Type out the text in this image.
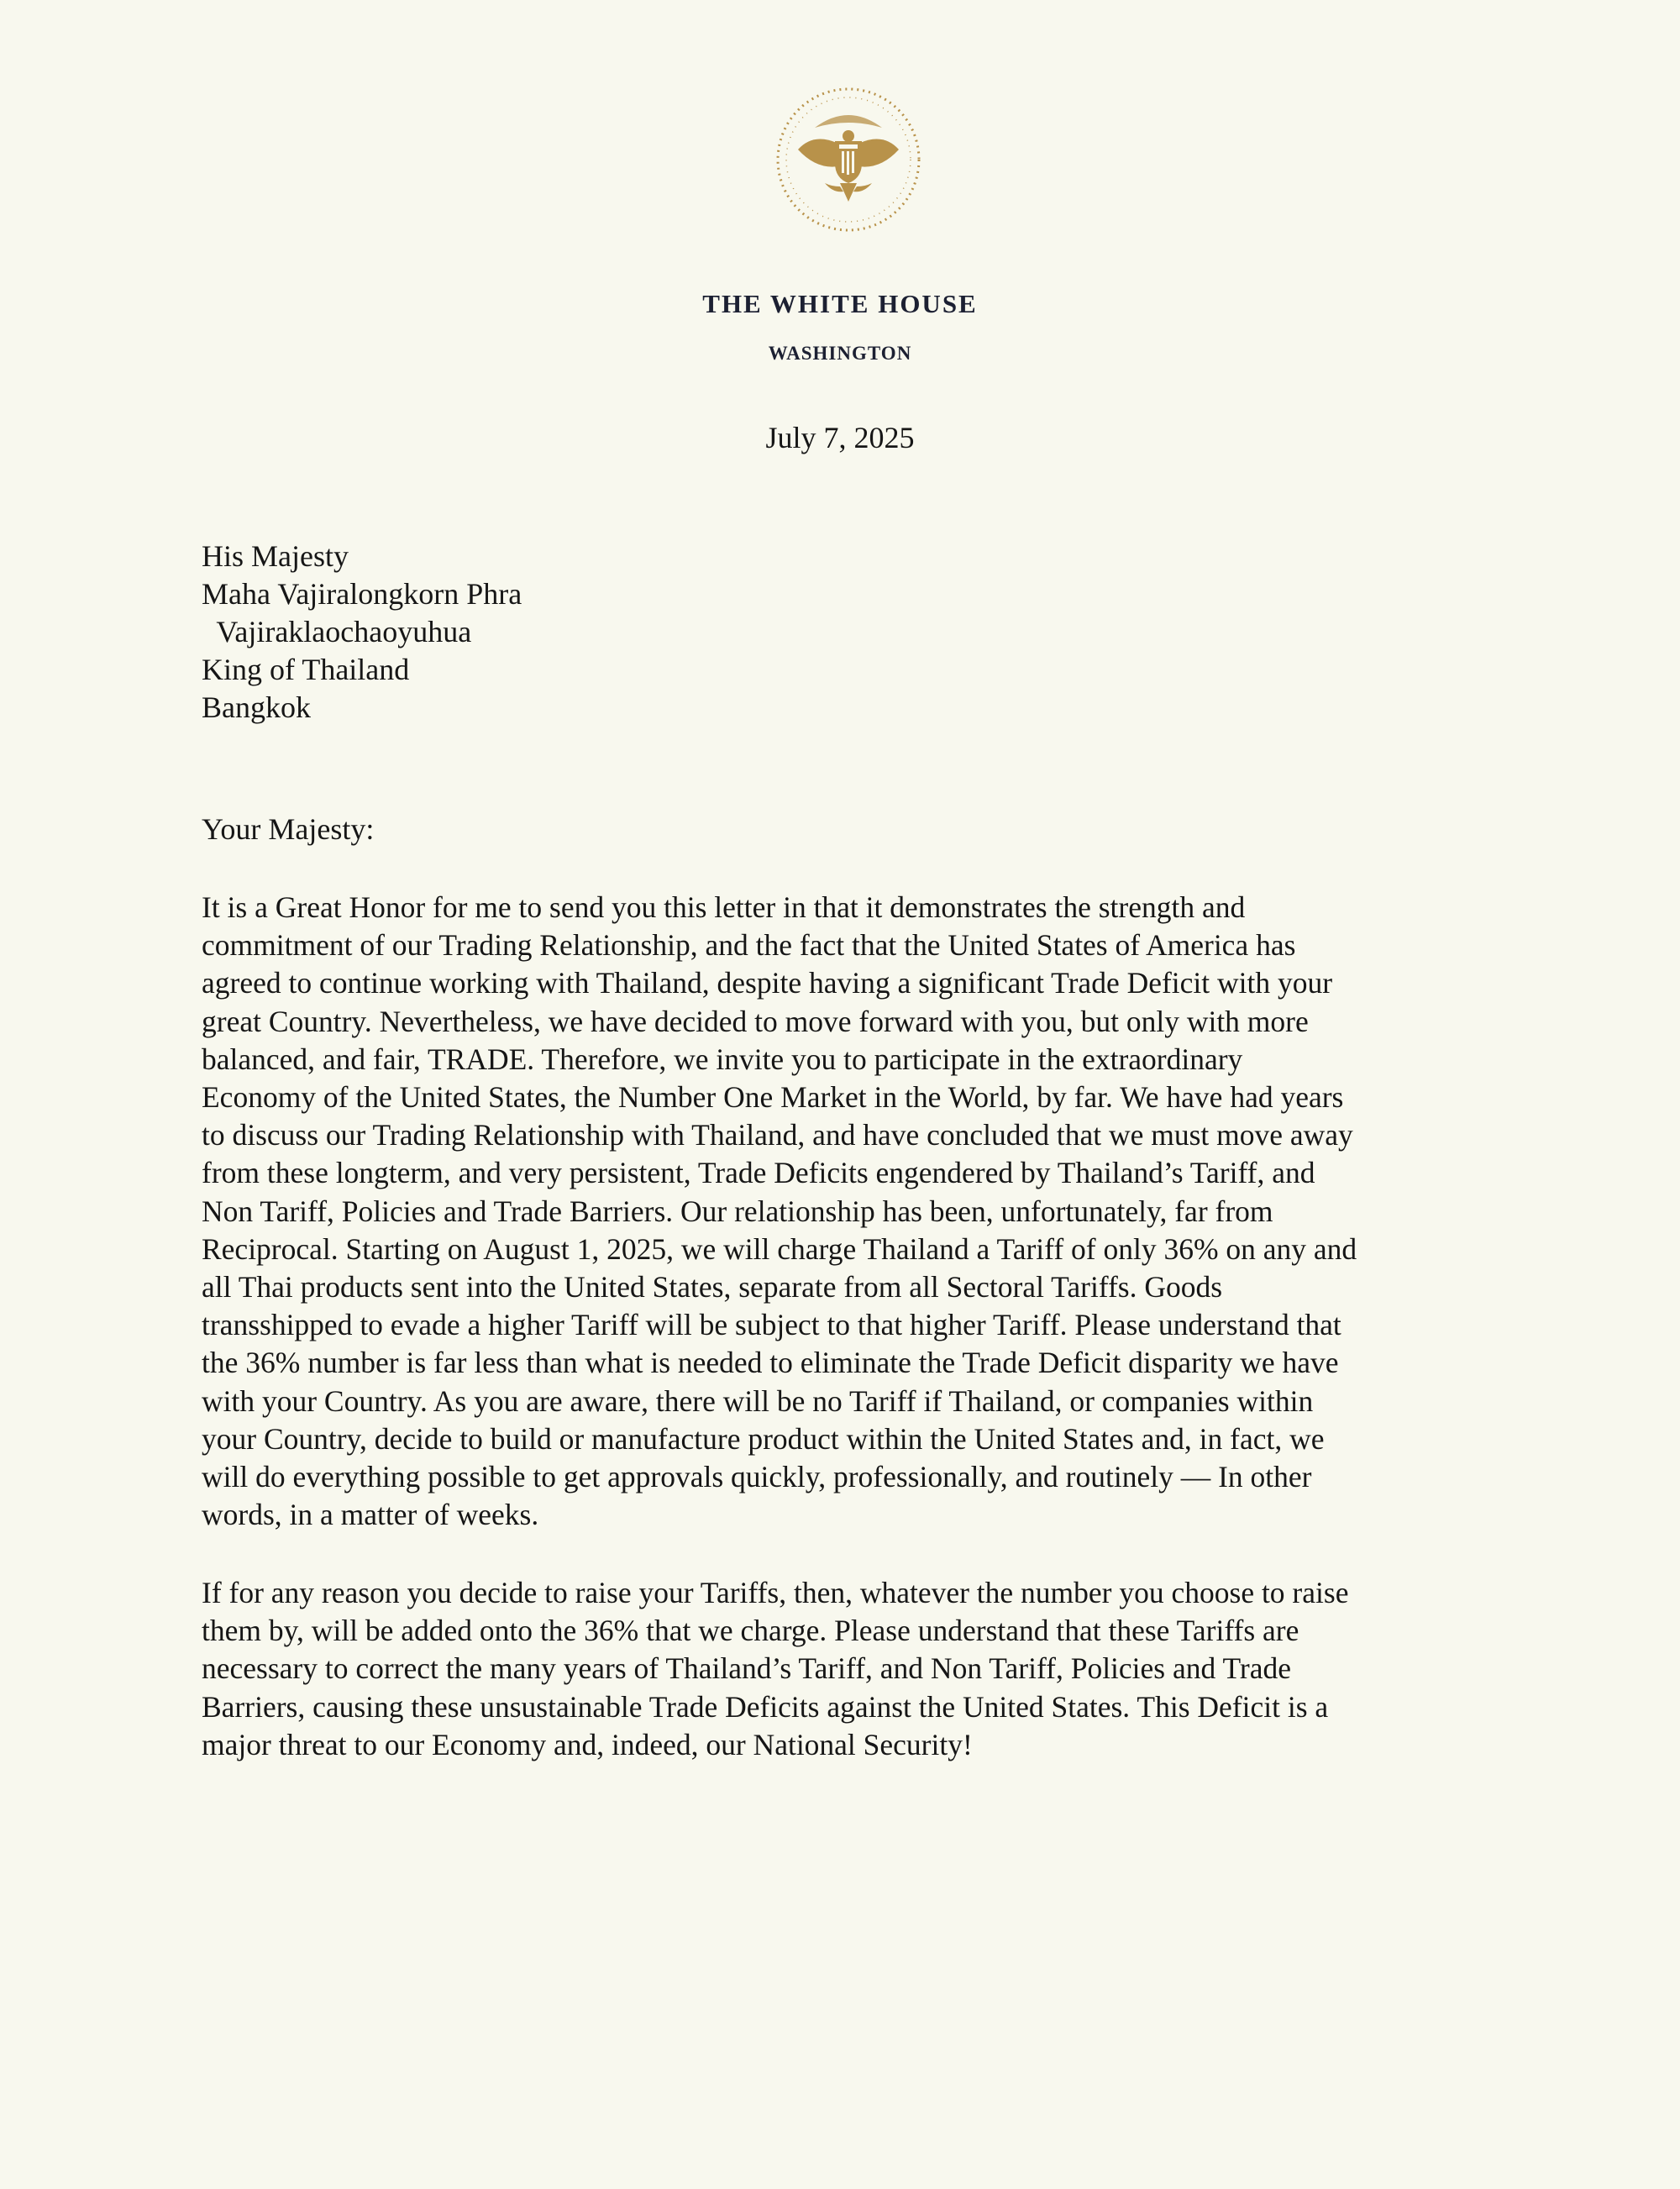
THE WHITE HOUSE
WASHINGTON
July 7, 2025
His Majesty
Maha Vajiralongkorn Phra
Vajiraklaochaoyuhua
King of Thailand
Bangkok
Your Majesty:
It is a Great Honor for me to send you this letter in that it demonstrates the strength and
commitment of our Trading Relationship, and the fact that the United States of America has
agreed to continue working with Thailand, despite having a significant Trade Deficit with your
great Country. Nevertheless, we have decided to move forward with you, but only with more
balanced, and fair, TRADE. Therefore, we invite you to participate in the extraordinary
Economy of the United States, the Number One Market in the World, by far. We have had years
to discuss our Trading Relationship with Thailand, and have concluded that we must move away
from these longterm, and very persistent, Trade Deficits engendered by Thailand’s Tariff, and
Non Tariff, Policies and Trade Barriers. Our relationship has been, unfortunately, far from
Reciprocal. Starting on August 1, 2025, we will charge Thailand a Tariff of only 36% on any and
all Thai products sent into the United States, separate from all Sectoral Tariffs. Goods
transshipped to evade a higher Tariff will be subject to that higher Tariff. Please understand that
the 36% number is far less than what is needed to eliminate the Trade Deficit disparity we have
with your Country. As you are aware, there will be no Tariff if Thailand, or companies within
your Country, decide to build or manufacture product within the United States and, in fact, we
will do everything possible to get approvals quickly, professionally, and routinely — In other
words, in a matter of weeks.
If for any reason you decide to raise your Tariffs, then, whatever the number you choose to raise
them by, will be added onto the 36% that we charge. Please understand that these Tariffs are
necessary to correct the many years of Thailand’s Tariff, and Non Tariff, Policies and Trade
Barriers, causing these unsustainable Trade Deficits against the United States. This Deficit is a
major threat to our Economy and, indeed, our National Security!
